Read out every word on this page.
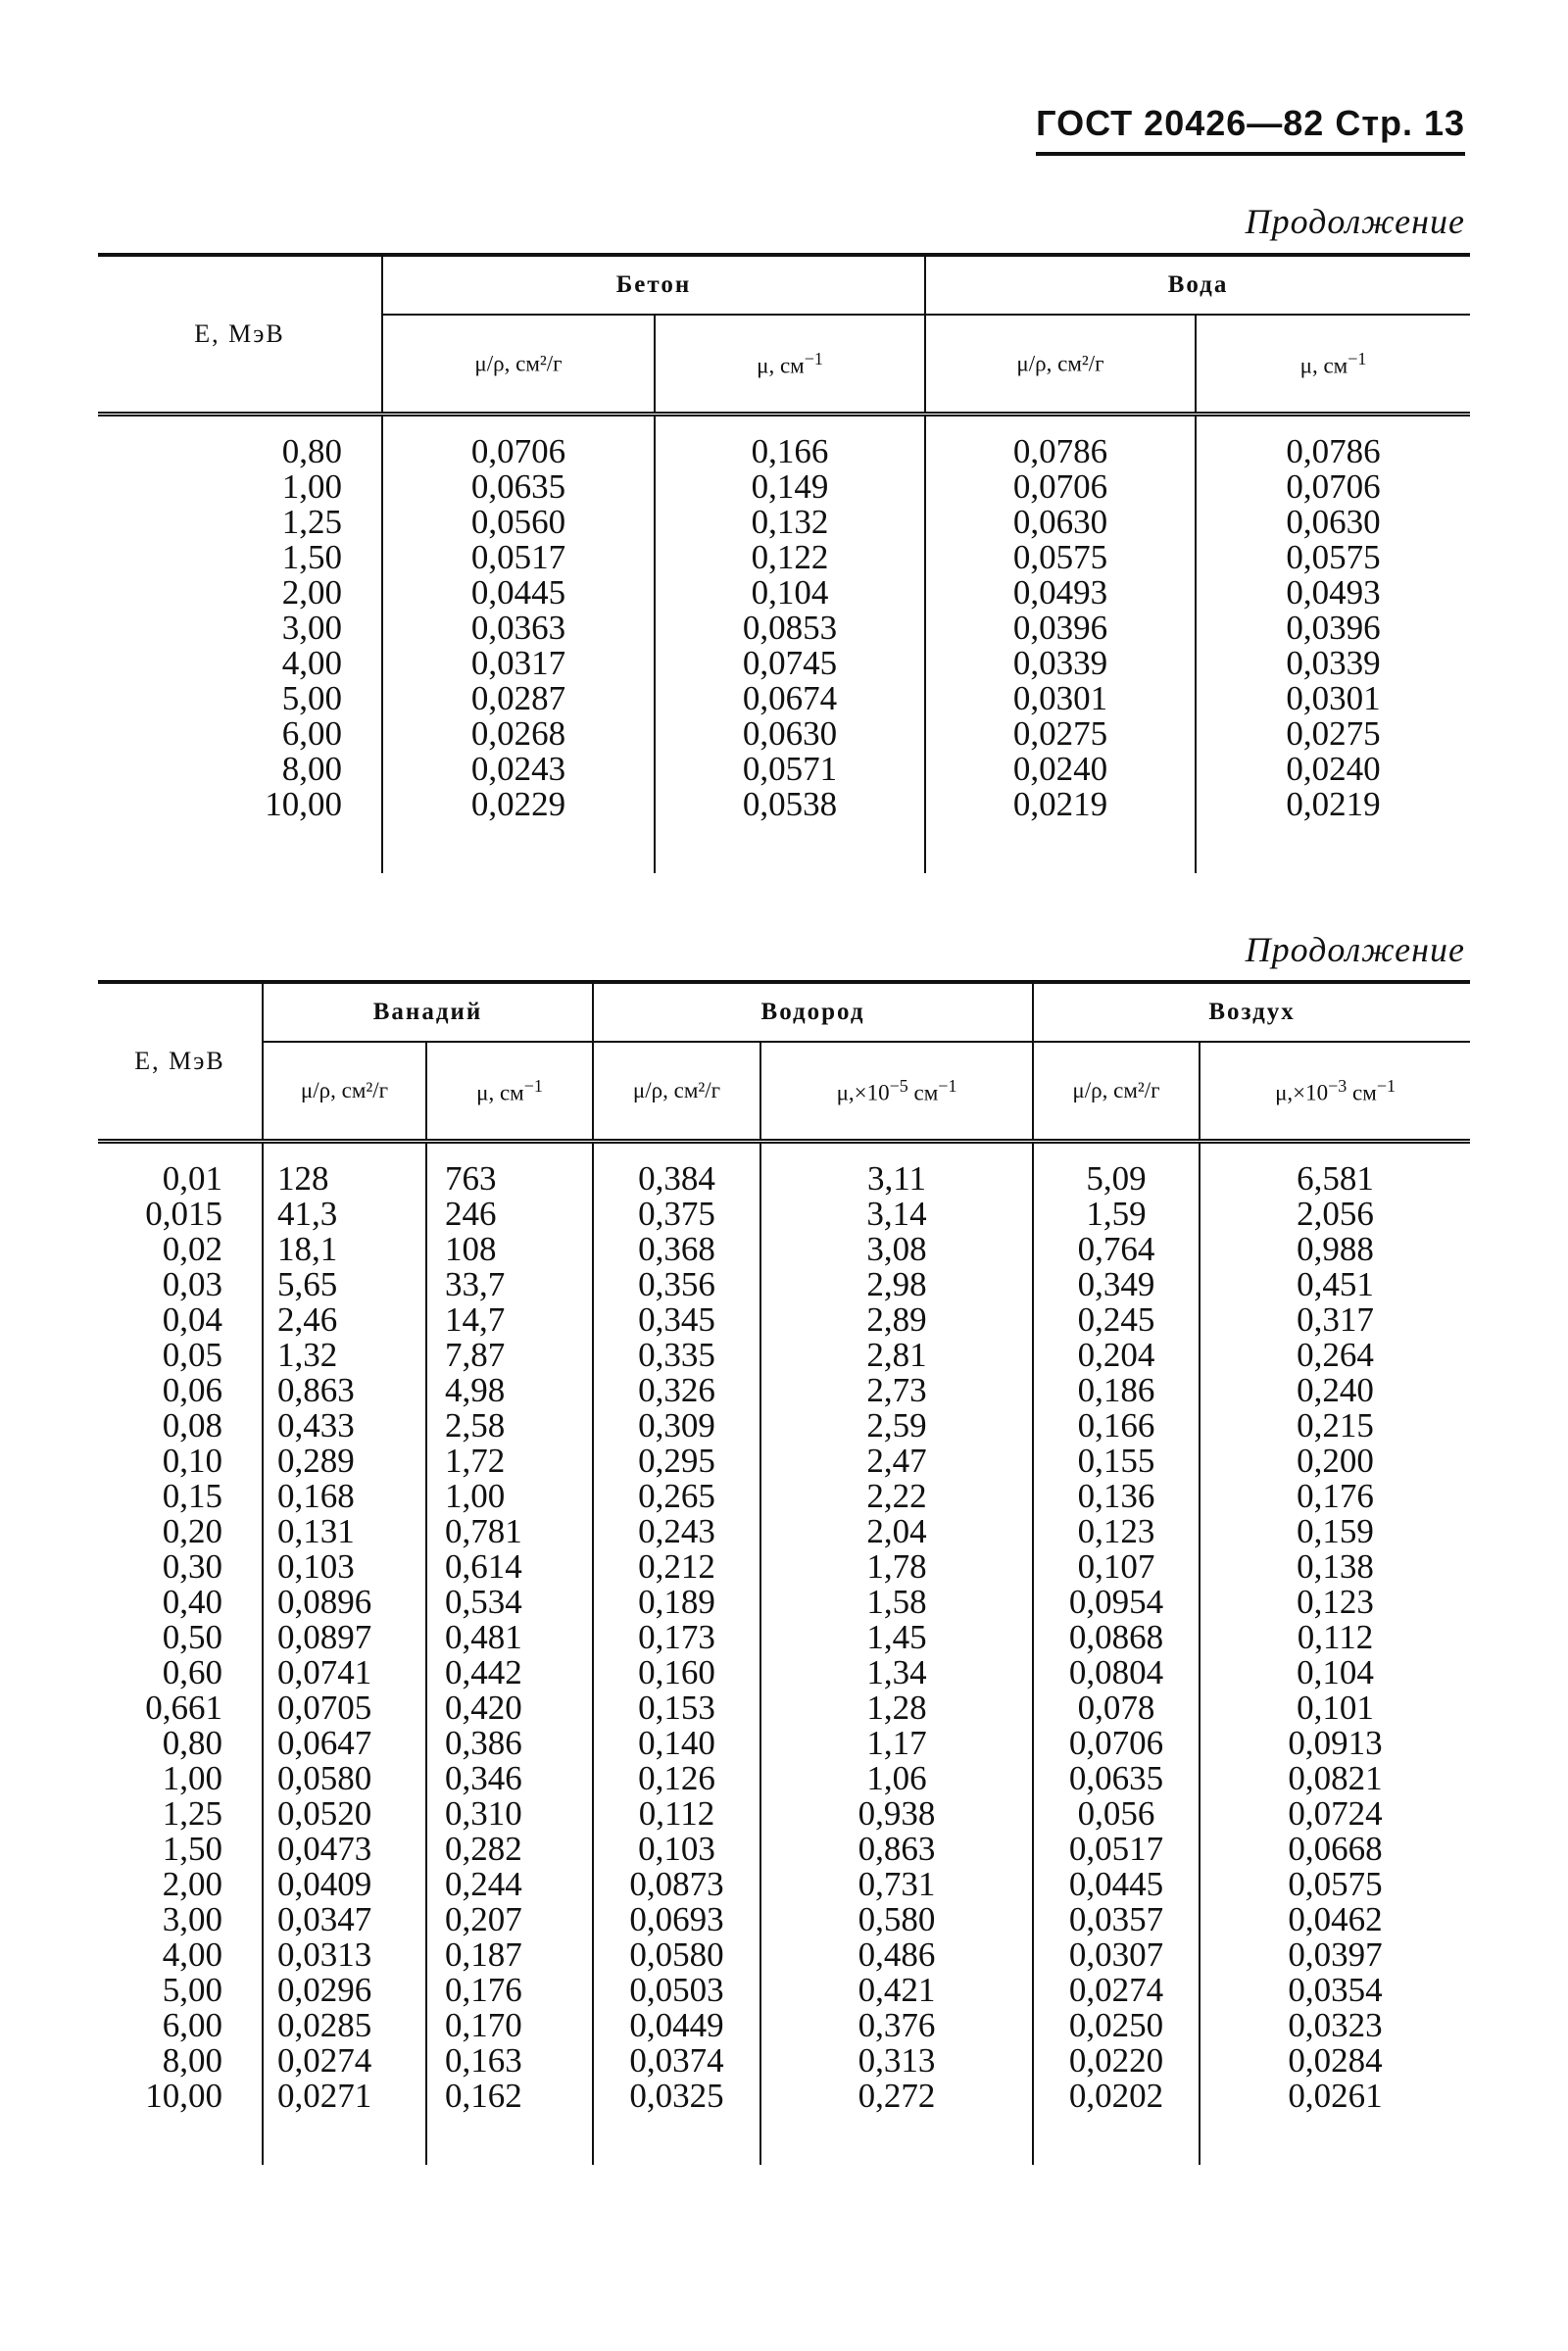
ГОСТ 20426—82 Стр. 13
Продолжение
E, МэВ	Бетон		Вода	
	μ/ρ, см²/г	μ, $см^{-1}$	μ/ρ, см²/г	μ, $см^{-1}$

0,80	0,0706	0,166	0,0786	0,0786
1,00	0,0635	0,149	0,0706	0,0706
1,25	0,0560	0,132	0,0630	0,0630
1,50	0,0517	0,122	0,0575	0,0575
2,00	0,0445	0,104	0,0493	0,0493
3,00	0,0363	0,0853	0,0396	0,0396
4,00	0,0317	0,0745	0,0339	0,0339
5,00	0,0287	0,0674	0,0301	0,0301
6,00	0,0268	0,0630	0,0275	0,0275
8,00	0,0243	0,0571	0,0240	0,0240
10,00	0,0229	0,0538	0,0219	0,0219

Продолжение
E, МэВ	Ванадий		Водород		Воздух	
	μ/ρ, см²/г	μ, $см^{-1}$	μ/ρ, см²/г	$\mu,\times 10^{-5}$ $см^{-1}$	μ/ρ, см²/г	$\mu,\times 10^{-3}$ $см^{-1}$

0,01	128	763	0,384	3,11	5,09	6,581
0,015	41,3	246	0,375	3,14	1,59	2,056
0,02	18,1	108	0,368	3,08	0,764	0,988
0,03	5,65	33,7	0,356	2,98	0,349	0,451
0,04	2,46	14,7	0,345	2,89	0,245	0,317
0,05	1,32	7,87	0,335	2,81	0,204	0,264
0,06	0,863	4,98	0,326	2,73	0,186	0,240
0,08	0,433	2,58	0,309	2,59	0,166	0,215
0,10	0,289	1,72	0,295	2,47	0,155	0,200
0,15	0,168	1,00	0,265	2,22	0,136	0,176
0,20	0,131	0,781	0,243	2,04	0,123	0,159
0,30	0,103	0,614	0,212	1,78	0,107	0,138
0,40	0,0896	0,534	0,189	1,58	0,0954	0,123
0,50	0,0897	0,481	0,173	1,45	0,0868	0,112
0,60	0,0741	0,442	0,160	1,34	0,0804	0,104
0,661	0,0705	0,420	0,153	1,28	0,078	0,101
0,80	0,0647	0,386	0,140	1,17	0,0706	0,0913
1,00	0,0580	0,346	0,126	1,06	0,0635	0,0821
1,25	0,0520	0,310	0,112	0,938	0,056	0,0724
1,50	0,0473	0,282	0,103	0,863	0,0517	0,0668
2,00	0,0409	0,244	0,0873	0,731	0,0445	0,0575
3,00	0,0347	0,207	0,0693	0,580	0,0357	0,0462
4,00	0,0313	0,187	0,0580	0,486	0,0307	0,0397
5,00	0,0296	0,176	0,0503	0,421	0,0274	0,0354
6,00	0,0285	0,170	0,0449	0,376	0,0250	0,0323
8,00	0,0274	0,163	0,0374	0,313	0,0220	0,0284
10,00	0,0271	0,162	0,0325	0,272	0,0202	0,0261
